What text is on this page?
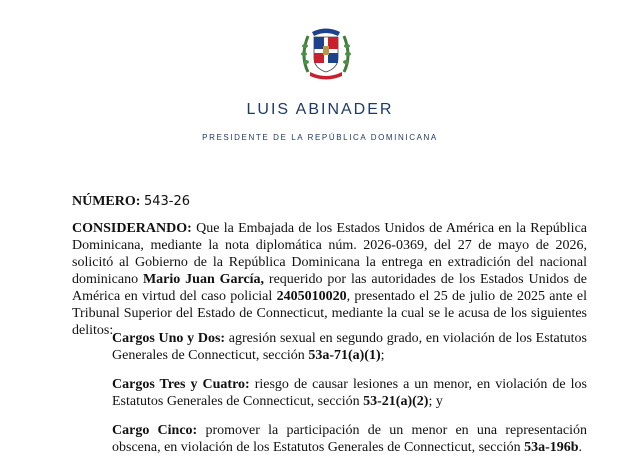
LUIS ABINADER
PRESIDENTE DE LA REPÚBLICA DOMINICANA
NÚMERO: 543-26
CONSIDERANDO: Que la Embajada de los Estados Unidos de América en la República Dominicana, mediante la nota diplomática núm. 2026-0369, del 27 de mayo de 2026, solicitó al Gobierno de la República Dominicana la entrega en extradición del nacional dominicano Mario Juan García, requerido por las autoridades de los Estados Unidos de América en virtud del caso policial 2405010020, presentado el 25 de julio de 2025 ante el Tribunal Superior del Estado de Connecticut, mediante la cual se le acusa de los siguientes delitos:
Cargos Uno y Dos: agresión sexual en segundo grado, en violación de los Estatutos Generales de Connecticut, sección 53a-71(a)(1);
Cargos Tres y Cuatro: riesgo de causar lesiones a un menor, en violación de los Estatutos Generales de Connecticut, sección 53-21(a)(2); y
Cargo Cinco: promover la participación de un menor en una representación obscena, en violación de los Estatutos Generales de Connecticut, sección 53a-196b.
